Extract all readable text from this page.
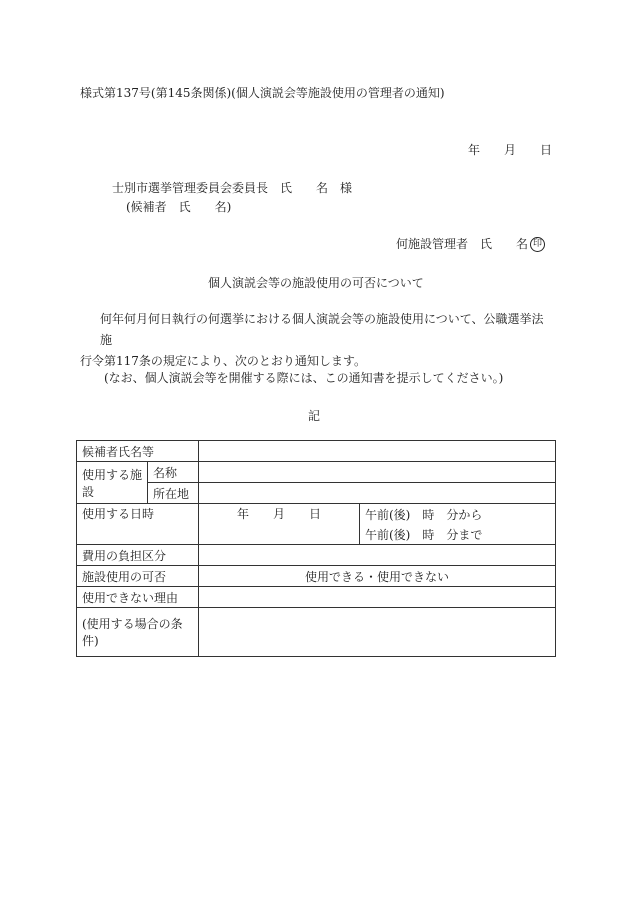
様式第137号(第145条関係)(個人演説会等施設使用の管理者の通知)
年　　月　　日
士別市選挙管理委員会委員長　氏　　名　様
(候補者　氏　　名)
何施設管理者　氏　　名 印
個人演説会等の施設使用の可否について
何年何月何日執行の何選挙における個人演説会等の施設使用について、公職選挙法施
行令第117条の規定により、次のとおり通知します。
(なお、個人演説会等を開催する際には、この通知書を提示してください。)
記
候補者氏名等			
使用する施設	名称		
	所在地		
使用する日時		年　　月　　日	午前(後)　時　分から
			午前(後)　時　分まで
費用の負担区分			
施設使用の可否		使用できる・使用できない	
使用できない理由			
(使用する場合の条件)			
